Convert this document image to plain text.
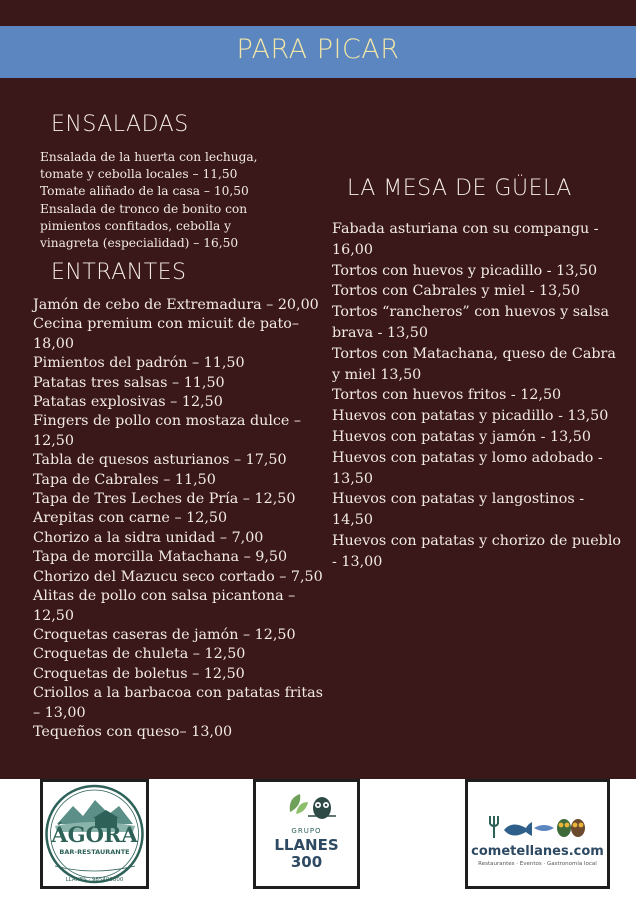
PARA PICAR
ENSALADAS
Ensalada de la huerta con lechuga,
tomate y cebolla locales – 11,50
Tomate aliñado de la casa – 10,50
Ensalada de tronco de bonito con
pimientos confitados, cebolla y
vinagreta (especialidad) – 16,50
ENTRANTES
Jamón de cebo de Extremadura – 20,00
Cecina premium con micuit de pato– 18,00
Pimientos del padrón – 11,50
Patatas tres salsas – 11,50
Patatas explosivas – 12,50
Fingers de pollo con mostaza dulce – 12,50
Tabla de quesos asturianos – 17,50
Tapa de Cabrales – 11,50
Tapa de Tres Leches de Pría – 12,50
Arepitas con carne – 12,50
Chorizo a la sidra unidad – 7,00
Tapa de morcilla Matachana – 9,50
Chorizo del Mazucu seco cortado – 7,50
Alitas de pollo con salsa picantona – 12,50
Croquetas caseras de jamón – 12,50
Croquetas de chuleta – 12,50
Croquetas de boletus – 12,50
Criollos a la barbacoa con patatas fritas – 13,00
Tequeños con queso– 13,00
LA MESA DE GÜELA
Fabada asturiana con su compangu - 16,00
Tortos con huevos y picadillo - 13,50
Tortos con Cabrales y miel - 13,50
Tortos “rancheros” con huevos y salsa brava - 13,50
Tortos con Matachana, queso de Cabra y miel 13,50
Tortos con huevos fritos - 12,50
Huevos con patatas y picadillo - 13,50
Huevos con patatas y jamón - 13,50
Huevos con patatas y lomo adobado - 13,50
Huevos con patatas y langostinos - 14,50
Huevos con patatas y chorizo de pueblo - 13,00
ÁGORA
BAR-RESTAURANTE
LLANES · 985402800
GRUPO
LLANES
300
cometellanes.com
Restaurantes · Eventos · Gastronomía local
